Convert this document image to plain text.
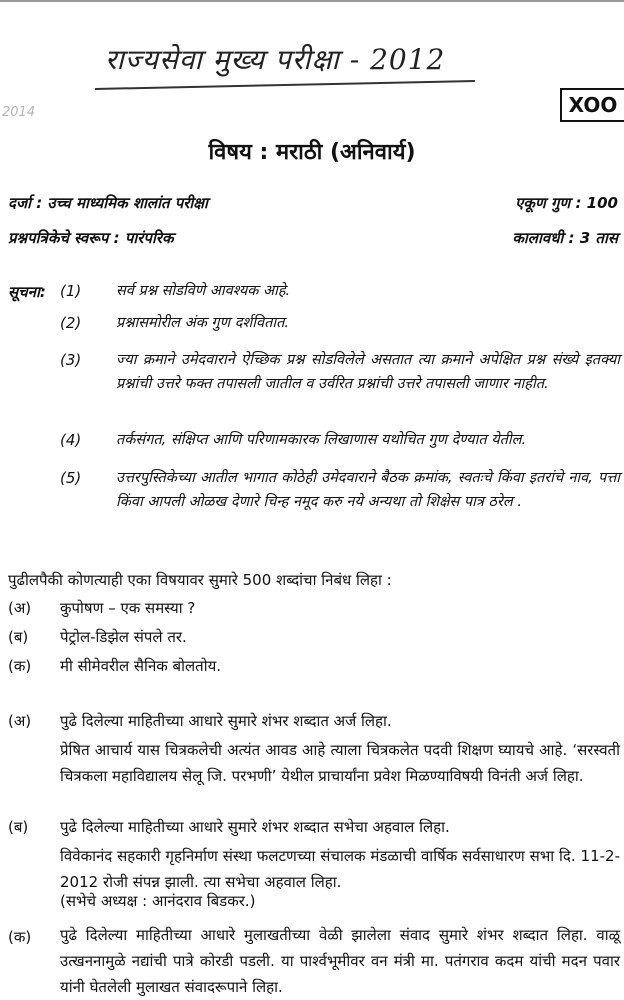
राज्यसेवा मुख्य परीक्षा - 2012
2014	XOO
विषय : मराठी (अनिवार्य)
दर्जा : उच्च माध्यमिक शालांत परीक्षा	एकूण गुण : 100
प्रश्नपत्रिकेचे स्वरूप : पारंपरिक	कालावधी : 3 तास
सूचना: (1) सर्व प्रश्न सोडविणे आवश्यक आहे.
(2) प्रश्नासमोरील अंक गुण दर्शवितात.
(3) ज्या क्रमाने उमेदवाराने ऐच्छिक प्रश्न सोडविलेले असतात त्या क्रमाने अपेक्षित प्रश्न संख्ये इतक्या प्रश्नांची उत्तरे फक्त तपासली जातील व उर्वरित प्रश्नांची उत्तरे तपासली जाणार नाहीत.
(4) तर्कसंगत, संक्षिप्त आणि परिणामकारक लिखाणास यथोचित गुण देण्यात येतील.
(5) उत्तरपुस्तिकेच्या आतील भागात कोठेही उमेदवाराने बैठक क्रमांक, स्वतःचे किंवा इतरांचे नाव, पत्ता किंवा आपली ओळख देणारे चिन्ह नमूद करु नये अन्यथा तो शिक्षेस पात्र ठरेल .
पुढीलपैकी कोणत्याही एका विषयावर सुमारे 500 शब्दांचा निबंध लिहा :
(अ) कुपोषण – एक समस्या ?
(ब) पेट्रोल-डिझेल संपले तर.
(क) मी सीमेवरील सैनिक बोलतोय.
(अ) पुढे दिलेल्या माहितीच्या आधारे सुमारे शंभर शब्दात अर्ज लिहा.
प्रेषित आचार्य यास चित्रकलेची अत्यंत आवड आहे त्याला चित्रकलेत पदवी शिक्षण घ्यायचे आहे. ‘सरस्वती चित्रकला महाविद्यालय सेलू जि. परभणी’ येथील प्राचार्यांना प्रवेश मिळण्याविषयी विनंती अर्ज लिहा.
(ब) पुढे दिलेल्या माहितीच्या आधारे सुमारे शंभर शब्दात सभेचा अहवाल लिहा.
विवेकानंद सहकारी गृहनिर्माण संस्था फलटणच्या संचालक मंडळाची वार्षिक सर्वसाधारण सभा दि. 11-2-2012 रोजी संपन्न झाली. त्या सभेचा अहवाल लिहा.
(सभेचे अध्यक्ष : आनंदराव बिडकर.)
(क) पुढे दिलेल्या माहितीच्या आधारे मुलाखतीच्या वेळी झालेला संवाद सुमारे शंभर शब्दात लिहा. वाळू उत्खननामुळे नद्यांची पात्रे कोरडी पडली. या पार्श्वभूमीवर वन मंत्री मा. पतंगराव कदम यांची मदन पवार यांनी घेतलेली मुलाखत संवादरूपाने लिहा.
